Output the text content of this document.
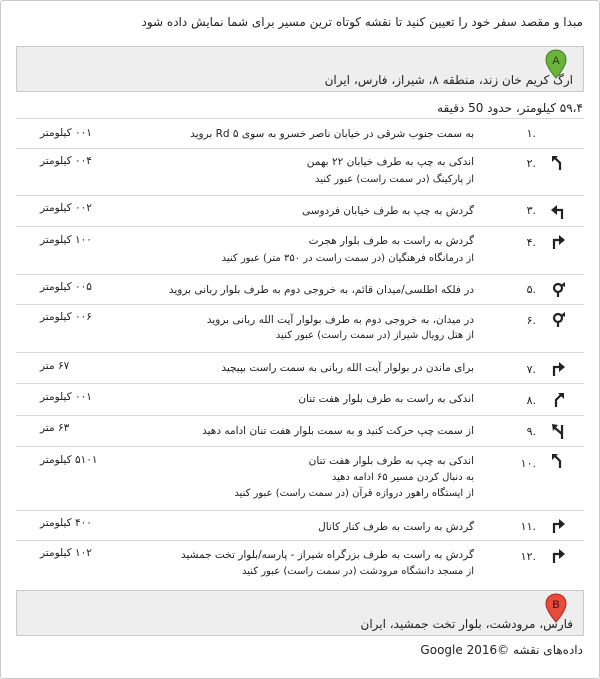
مبدا و مقصد سفر خود را تعیین کنید تا نقشه کوتاه ترین مسیر برای شما نمایش داده شود
A
ارگ کریم خان زند، منطقه ۸، شیراز، فارس، ایران
۵۹،۴ کیلومتر، حدود 50 دقیقه
.۱
به سمت جنوب شرقی در خیابان ناصر خسرو به سوی Rd ۵ بروید
۰۰۱ کیلومتر
.۲
اندکی به چپ به طرف خیابان ۲۲ بهمن
از پارکینگ (در سمت راست) عبور کنید
۰۰۴ کیلومتر
.۳
گردش به چپ به طرف خیابان فردوسی
۰۰۲ کیلومتر
.۴
گردش به راست به طرف بلوار هجرت
از درمانگاه فرهنگیان (در سمت راست در ۳۵۰ متر) عبور کنید
۱۰۰ کیلومتر
.۵
در فلکه اطلسی/میدان قائم، به خروجی دوم به طرف بلوار ربانی بروید
۰۰۵ کیلومتر
.۶
در میدان، به خروجی دوم به طرف بولوار آیت الله ربانی بروید
از هتل رویال شیراز (در سمت راست) عبور کنید
۰۰۶ کیلومتر
.۷
برای ماندن در بولوار آیت الله ربانی به سمت راست بپیچید
۶۷ متر
.۸
اندکی به راست به طرف بلوار هفت تنان
۰۰۱ کیلومتر
.۹
از سمت چپ حرکت کنید و به سمت بلوار هفت تنان ادامه دهید
۶۳ متر
.۱۰
اندکی به چپ به طرف بلوار هفت تنان
به دنبال کردن مسیر ۶۵ ادامه دهید
از ایستگاه راهور دروازه قرآن (در سمت راست) عبور کنید
۵۱۰۱ کیلومتر
.۱۱
گردش به راست به طرف کنار کانال
۴۰۰ کیلومتر
.۱۲
گردش به راست به طرف بزرگراه شیراز - پارسه/بلوار تخت جمشید
از مسجد دانشگاه مرودشت (در سمت راست) عبور کنید
۱۰۲ کیلومتر
B
فارس، مرودشت، بلوار تخت جمشید، ایران
داده‌های نقشه ©2016 Google
